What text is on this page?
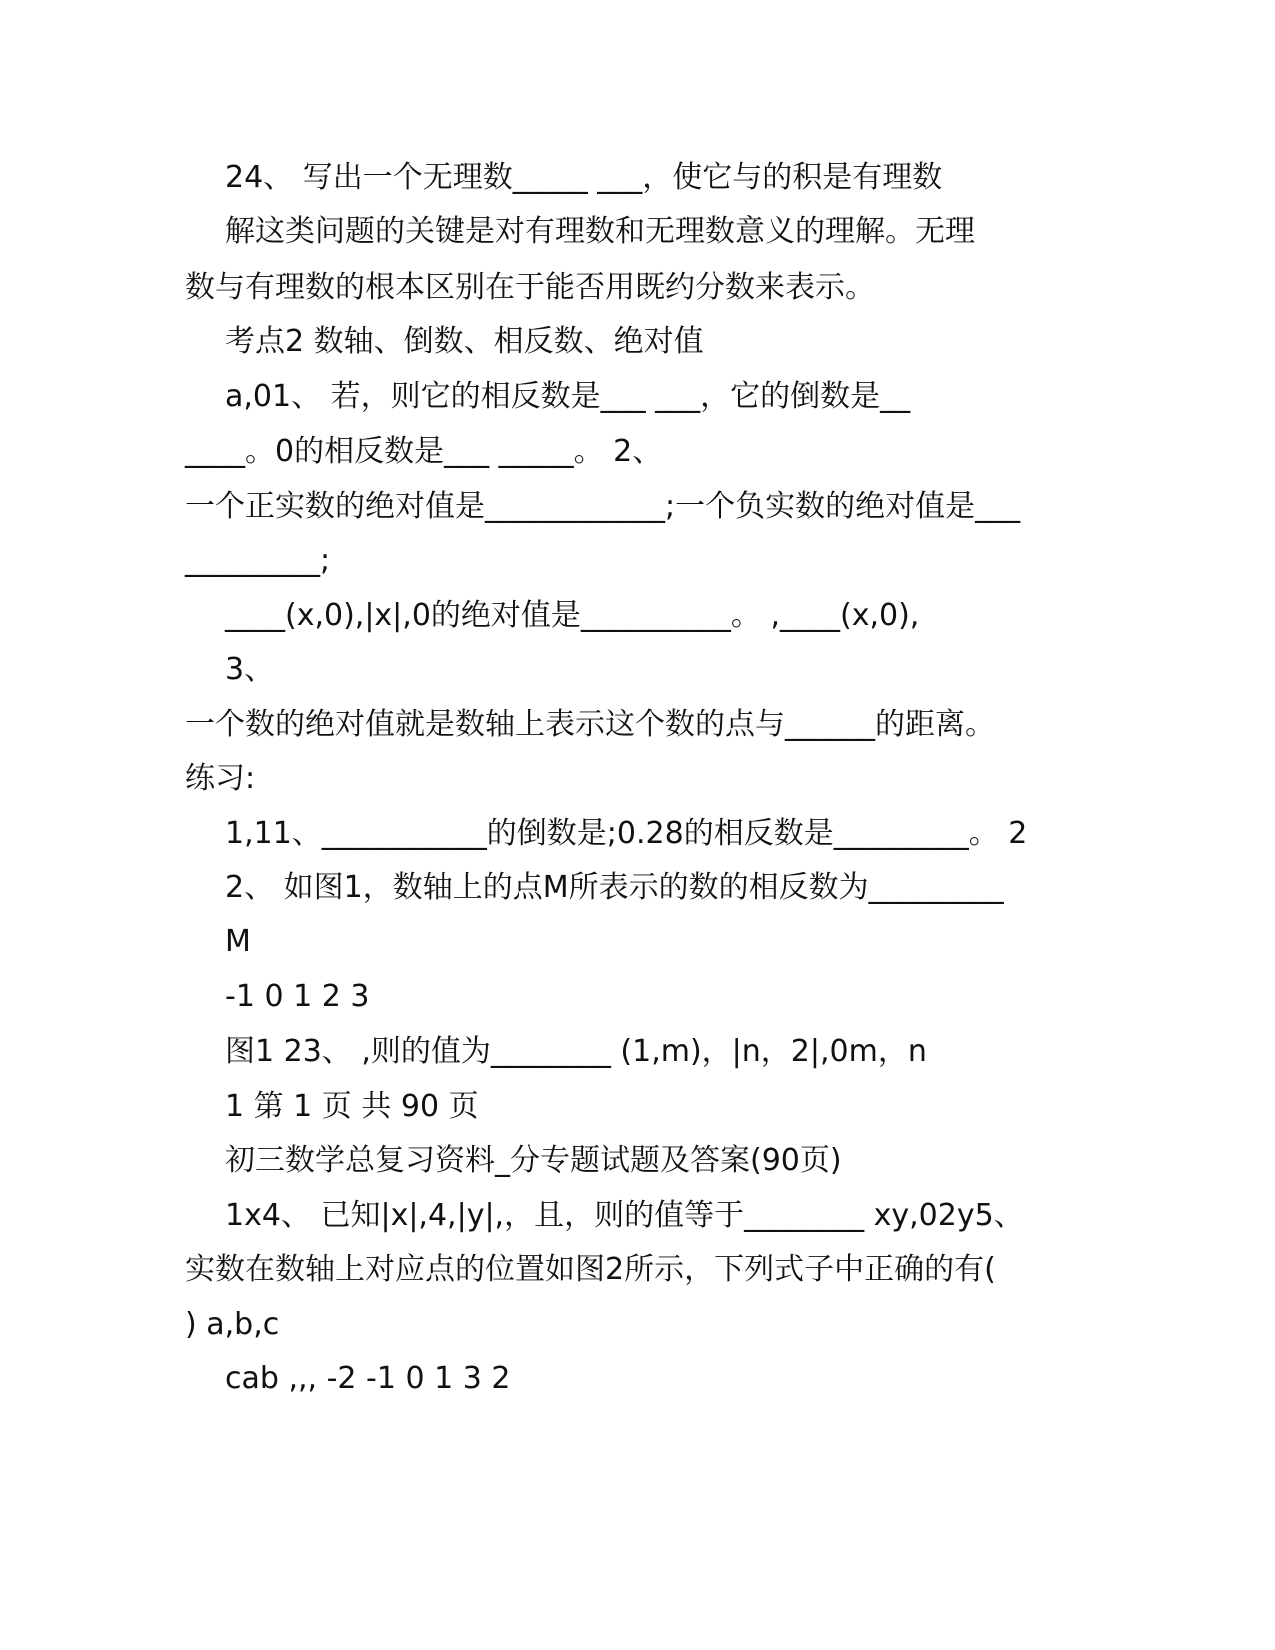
24、 写出一个无理数_____ ___，使它与的积是有理数
解这类问题的关键是对有理数和无理数意义的理解。无理
数与有理数的根本区别在于能否用既约分数来表示。
考点2 数轴、倒数、相反数、绝对值
a,01、 若，则它的相反数是___ ___，它的倒数是__
____。0的相反数是___ _____。 2、
一个正实数的绝对值是____________;一个负实数的绝对值是___
_________;
____(x,0),|x|,0的绝对值是__________。 ,____(x,0),
3、
一个数的绝对值就是数轴上表示这个数的点与______的距离。
练习:
1,11、___________的倒数是;0.28的相反数是_________。 2
2、 如图1，数轴上的点M所表示的数的相反数为_________
M
-1 0 1 2 3
图1 23、 ,则的值为________ (1,m)，|n，2|,0m，n
1 第 1 页 共 90 页
初三数学总复习资料_分专题试题及答案(90页)
1x4、 已知|x|,4,|y|,，且，则的值等于________ xy,02y5、
实数在数轴上对应点的位置如图2所示，下列式子中正确的有(
) a,b,c
cab ,,, -2 -1 0 1 3 2
